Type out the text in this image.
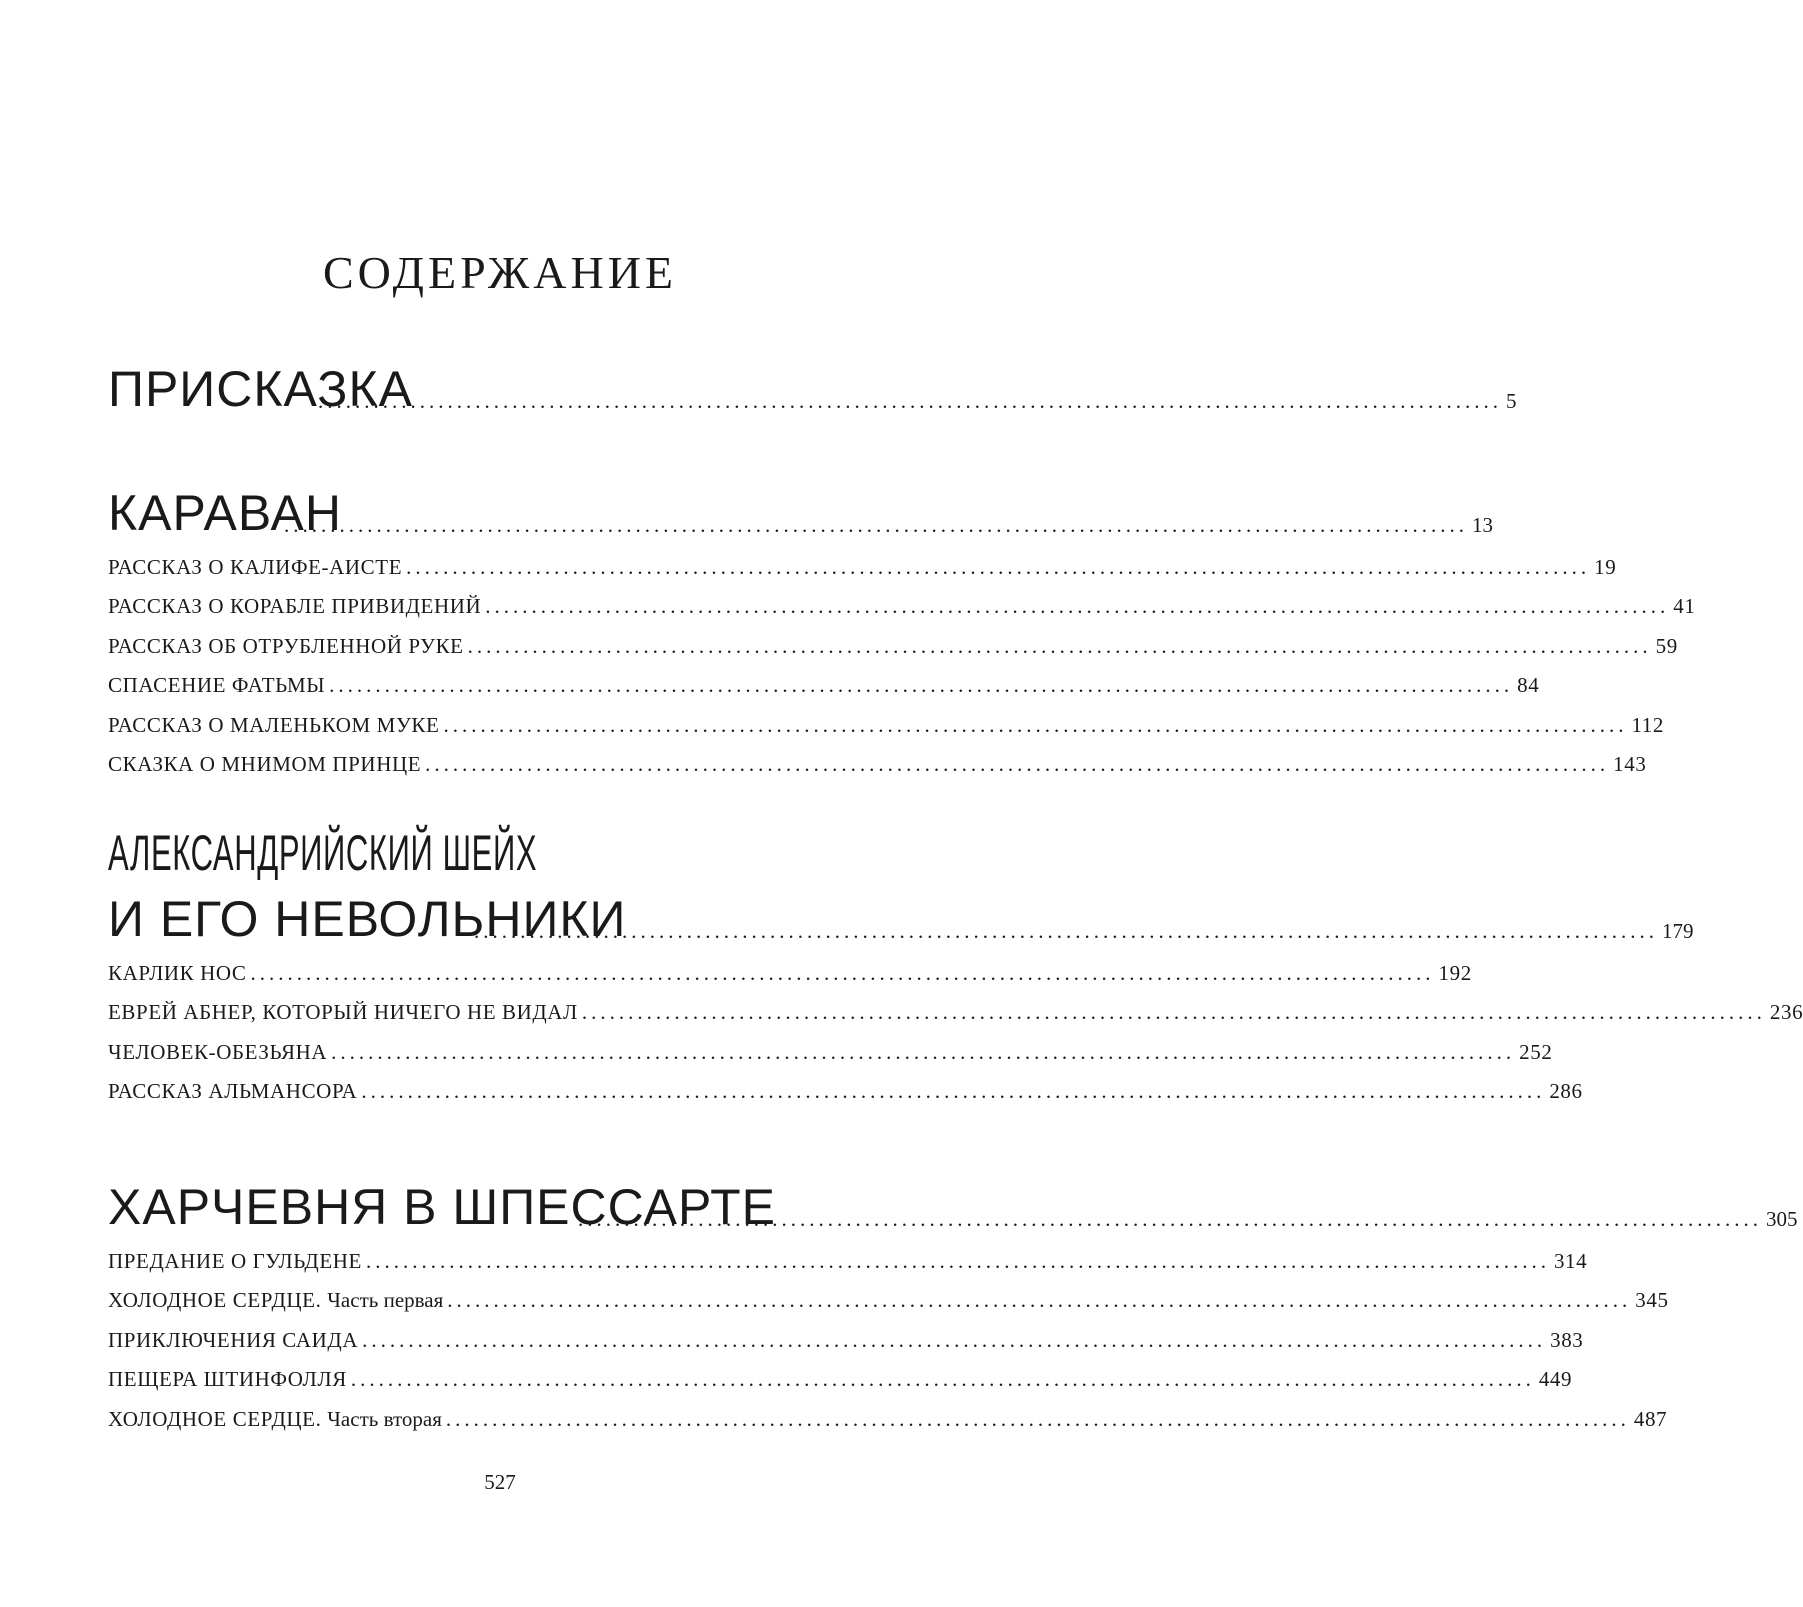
СОДЕРЖАНИЕ
ПРИСКАЗКА
................................................................................................................................ 5
КАРАВАН
................................................................................................................................ 13
РАССКАЗ О КАЛИФЕ-АИСТЕ ................................................................................................................................ 19
РАССКАЗ О КОРАБЛЕ ПРИВИДЕНИЙ ................................................................................................................................ 41
РАССКАЗ ОБ ОТРУБЛЕННОЙ РУКЕ ................................................................................................................................ 59
СПАСЕНИЕ ФАТЬМЫ ................................................................................................................................ 84
РАССКАЗ О МАЛЕНЬКОМ МУКЕ ................................................................................................................................ 112
СКАЗКА О МНИМОМ ПРИНЦЕ ................................................................................................................................ 143
АЛЕКСАНДРИЙСКИЙ ШЕЙХ
И ЕГО НЕВОЛЬНИКИ
................................................................................................................................ 179
КАРЛИК НОС ................................................................................................................................ 192
ЕВРЕЙ АБНЕР, КОТОРЫЙ НИЧЕГО НЕ ВИДАЛ ................................................................................................................................ 236
ЧЕЛОВЕК-ОБЕЗЬЯНА ................................................................................................................................ 252
РАССКАЗ АЛЬМАНСОРА ................................................................................................................................ 286
ХАРЧЕВНЯ В ШПЕССАРТЕ
................................................................................................................................ 305
ПРЕДАНИЕ О ГУЛЬДЕНЕ ................................................................................................................................ 314
ХОЛОДНОЕ СЕРДЦЕ. Часть первая ................................................................................................................................ 345
ПРИКЛЮЧЕНИЯ САИДА ................................................................................................................................ 383
ПЕЩЕРА ШТИНФОЛЛЯ ................................................................................................................................ 449
ХОЛОДНОЕ СЕРДЦЕ. Часть вторая ................................................................................................................................ 487
527
